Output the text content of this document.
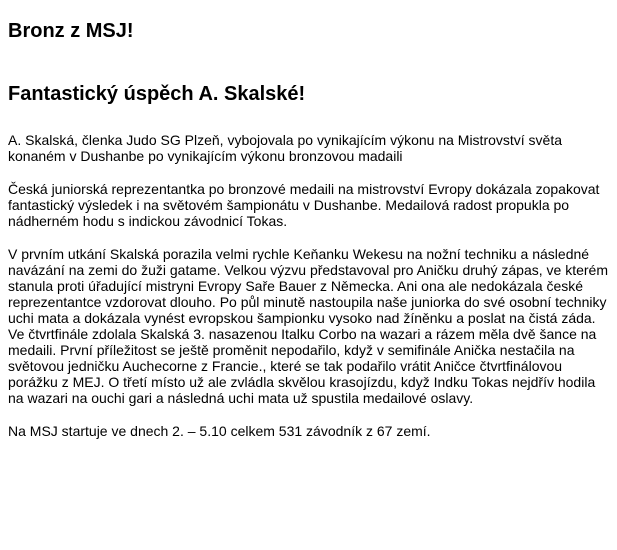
Bronz z MSJ!
Fantastický úspěch A. Skalské!

A. Skalská, členka Judo SG Plzeň, vybojovala po vynikajícím výkonu na Mistrovství světa konaném v Dushanbe po vynikajícím výkonu bronzovou madaili

Česká juniorská reprezentantka po bronzové medaili na mistrovství Evropy dokázala zopakovat fantastický výsledek i na světovém šampionátu v Dushanbe. Medailová radost propukla po nádherném hodu s indickou závodnicí Tokas.

V prvním utkání Skalská porazila velmi rychle Keňanku Wekesu na nožní techniku a následné navázání na zemi do žuži gatame. Velkou výzvu představoval pro Aničku druhý zápas, ve kterém stanula proti úřadující mistryni Evropy Saře Bauer z Německa. Ani ona ale nedokázala české reprezentantce vzdorovat dlouho. Po půl minutě nastoupila naše juniorka do své osobní techniky uchi mata a dokázala vynést evropskou šampionku vysoko nad žíněnku a poslat na čistá záda. Ve čtvrtfinále zdolala Skalská 3. nasazenou Italku Corbo na wazari a rázem měla dvě šance na medaili. První příležitost se ještě proměnit nepodařilo, když v semifinále Anička nestačila na světovou jedničku Auchecorne z Francie., které se tak podařilo vrátit Aničce čtvrtfinálovou porážku z MEJ. O třetí místo už ale zvládla skvělou krasojízdu, když Indku Tokas nejdřív hodila na wazari na ouchi gari a následná uchi mata už spustila medailové oslavy.

Na MSJ startuje ve dnech 2. – 5.10 celkem 531 závodník z 67 zemí.
